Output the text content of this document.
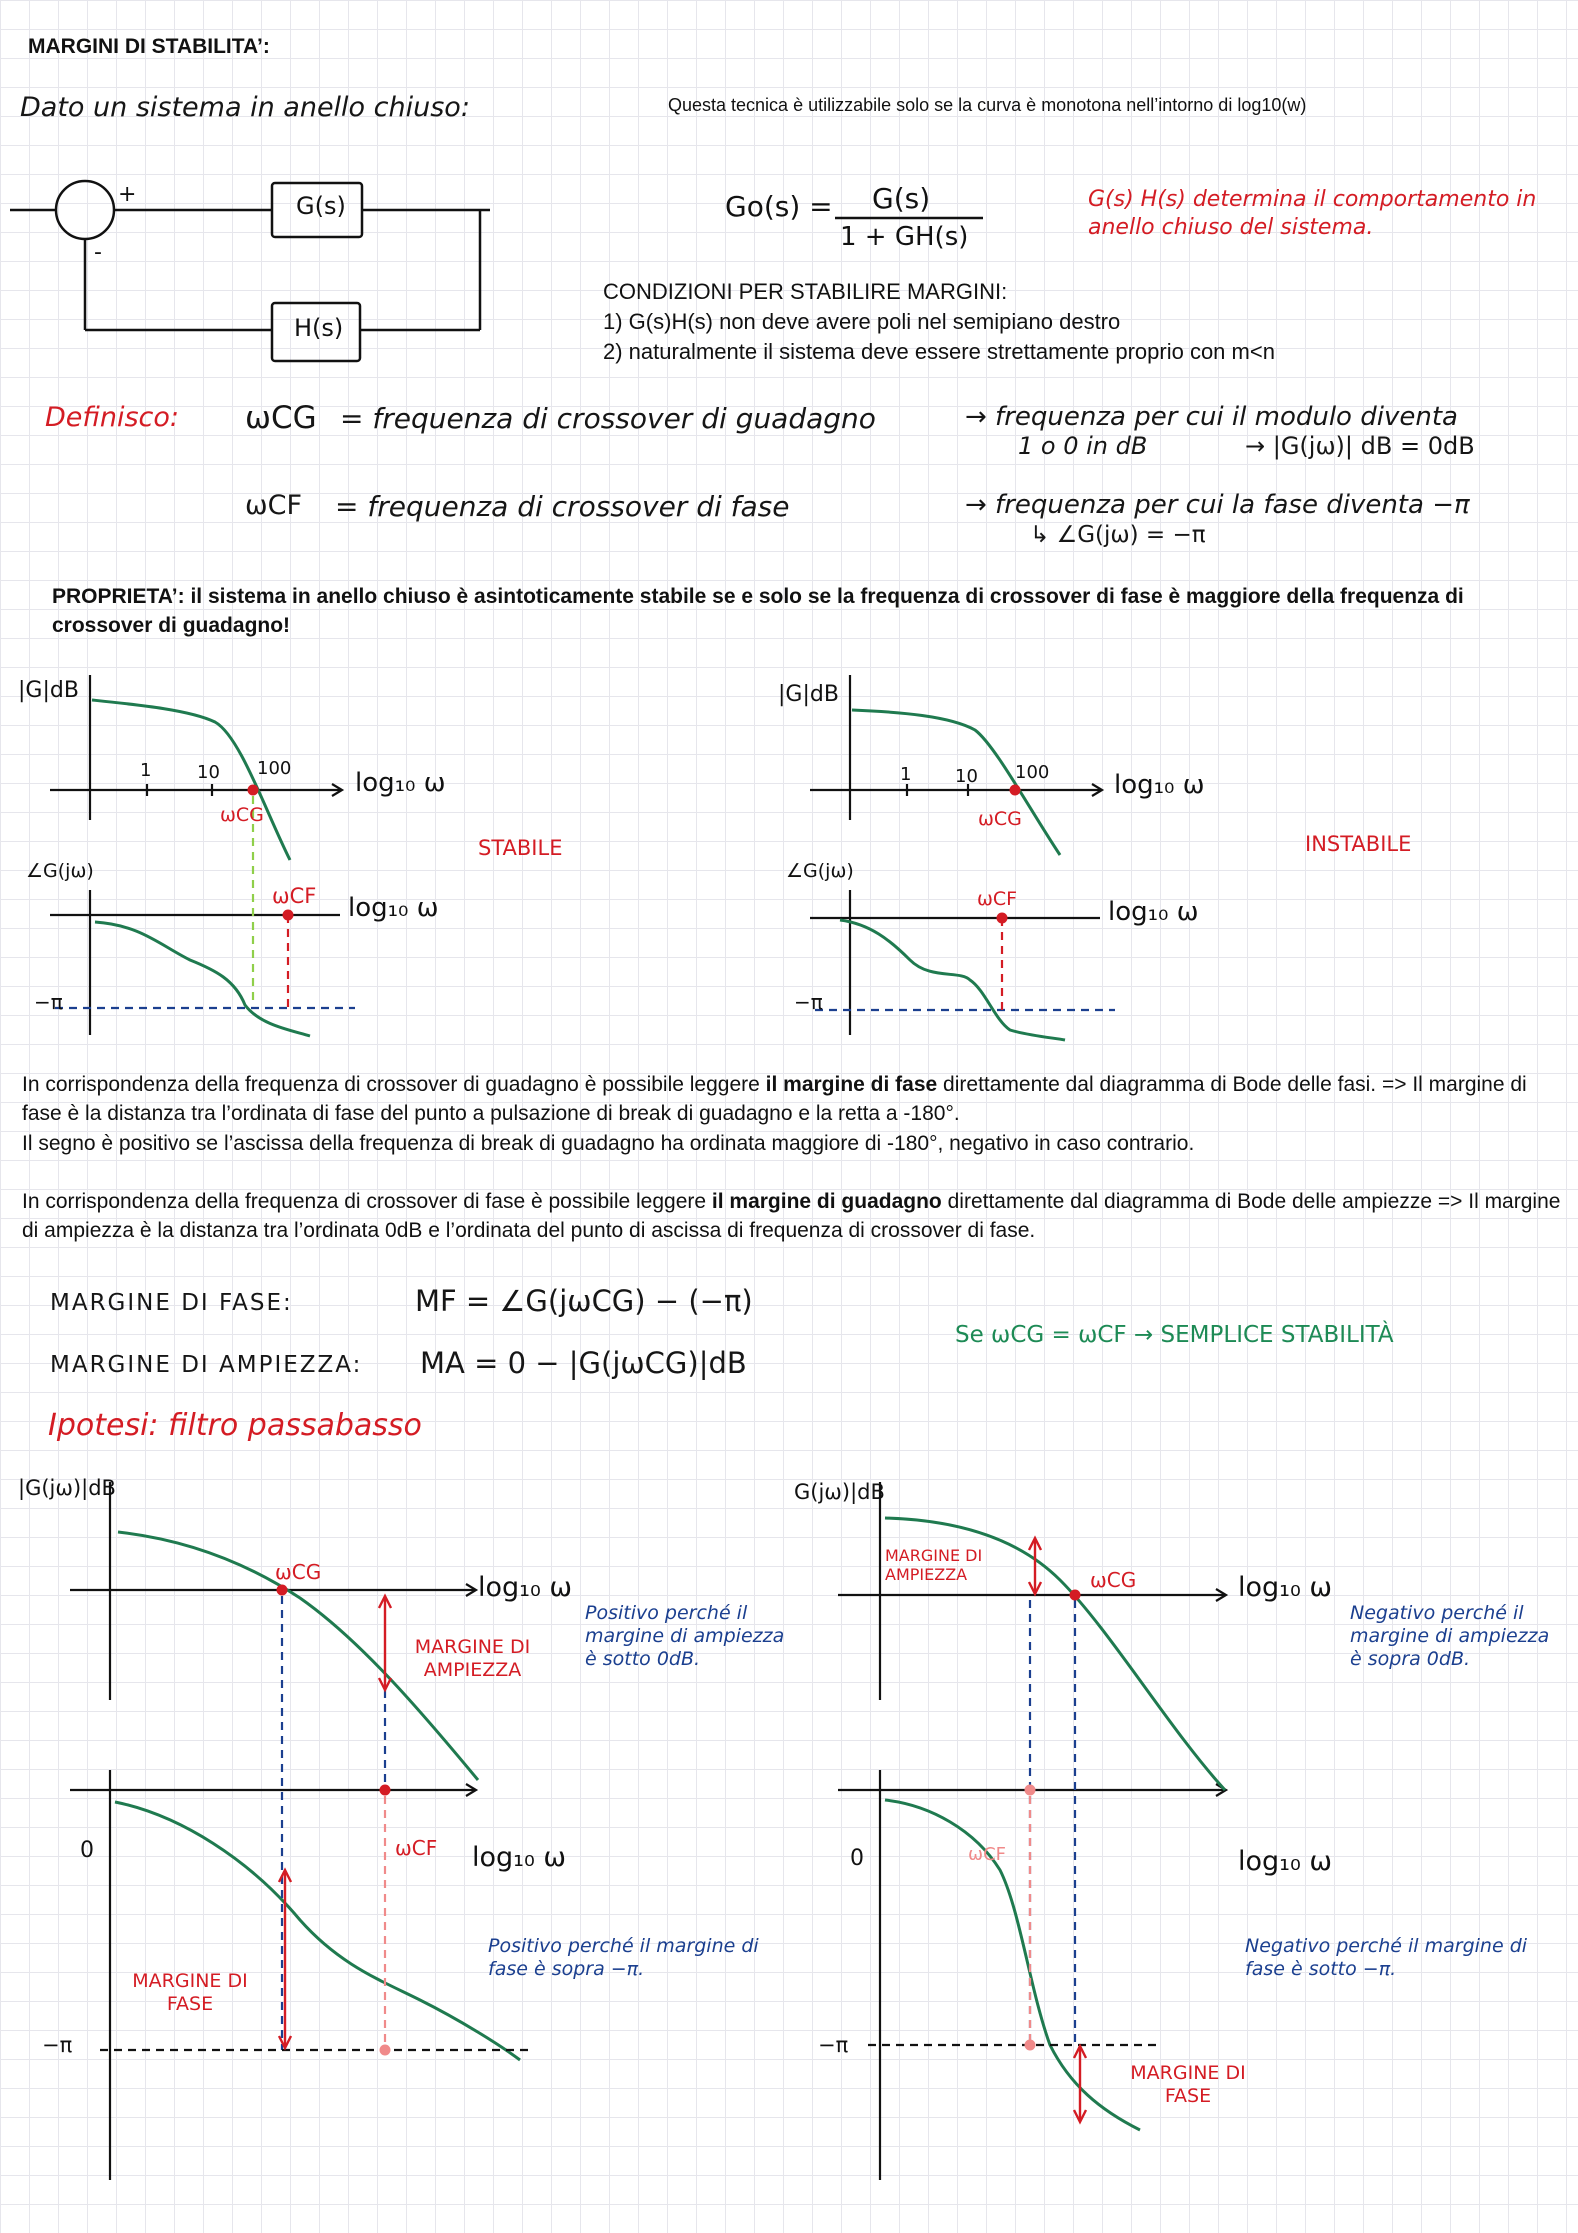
MARGINI DI STABILITA’:
Dato un sistema in anello chiuso:	Questa tecnica è utilizzabile solo se la curva è monotona nell’intorno di log10(w)
+
-
G(s)
H(s)
Go(s) = G(s)
1 + GH(s)
G(s) H(s) determina il comportamento in anello chiuso del sistema.
CONDIZIONI PER STABILIRE MARGINI:
1) G(s)H(s) non deve avere poli nel semipiano destro
2) naturalmente il sistema deve essere strettamente proprio con m<n
Definisco: ωCG = frequenza di crossover di guadagno	→ frequenza per cui il modulo diventa
1 o 0 in dB	→ |G(jω)| dB = 0dB
ωCF = frequenza di crossover di fase	→ frequenza per cui la fase diventa −π
↳ ∠G(jω) = −π
PROPRIETA’: il sistema in anello chiuso è asintoticamente stabile se e solo se la frequenza di crossover di fase è maggiore della frequenza di crossover di guadagno!
|G|dB
1	10 100 log₁₀ ω
ωCG
∠G(jω)
ωCF log₁₀ ω
−π
STABILE
|G|dB
1 10 100 log₁₀ ω
ωCG
∠G(jω)
ωCF	log₁₀ ω
−π
INSTABILE
In corrispondenza della frequenza di crossover di guadagno è possibile leggere il margine di fase direttamente dal diagramma di Bode delle fasi. => Il margine di fase è la distanza tra l’ordinata di fase del punto a pulsazione di break di guadagno e la retta a -180°.
Il segno è positivo se l’ascissa della frequenza di break di guadagno ha ordinata maggiore di -180°, negativo in caso contrario.
In corrispondenza della frequenza di crossover di fase è possibile leggere il margine di guadagno direttamente dal diagramma di Bode delle ampiezze => Il margine di ampiezza è la distanza tra l’ordinata 0dB e l’ordinata del punto di ascissa di frequenza di crossover di fase.
MARGINE DI FASE:	MF = ∠G(jωCG) − (−π)
MARGINE DI AMPIEZZA: MA = 0 − |G(jωCG)|dB
Se ωCG = ωCF → SEMPLICE STABILITÀ
Ipotesi: filtro passabasso
|G(jω)|dB
ωCG	log₁₀ ω
MARGINE DI AMPIEZZA
Positivo perché il margine di ampiezza è sotto 0dB.
0	ωCF log₁₀ ω
MARGINE DI FASE
Positivo perché il margine di fase è sopra −π.
−π
G(jω)|dB
MARGINE DI AMPIEZZA	ωCG	log₁₀ ω
Negativo perché il margine di ampiezza è sopra 0dB.
0	ωCF	log₁₀ ω
Negativo perché il margine di fase è sotto −π.
−π
MARGINE DI FASE
